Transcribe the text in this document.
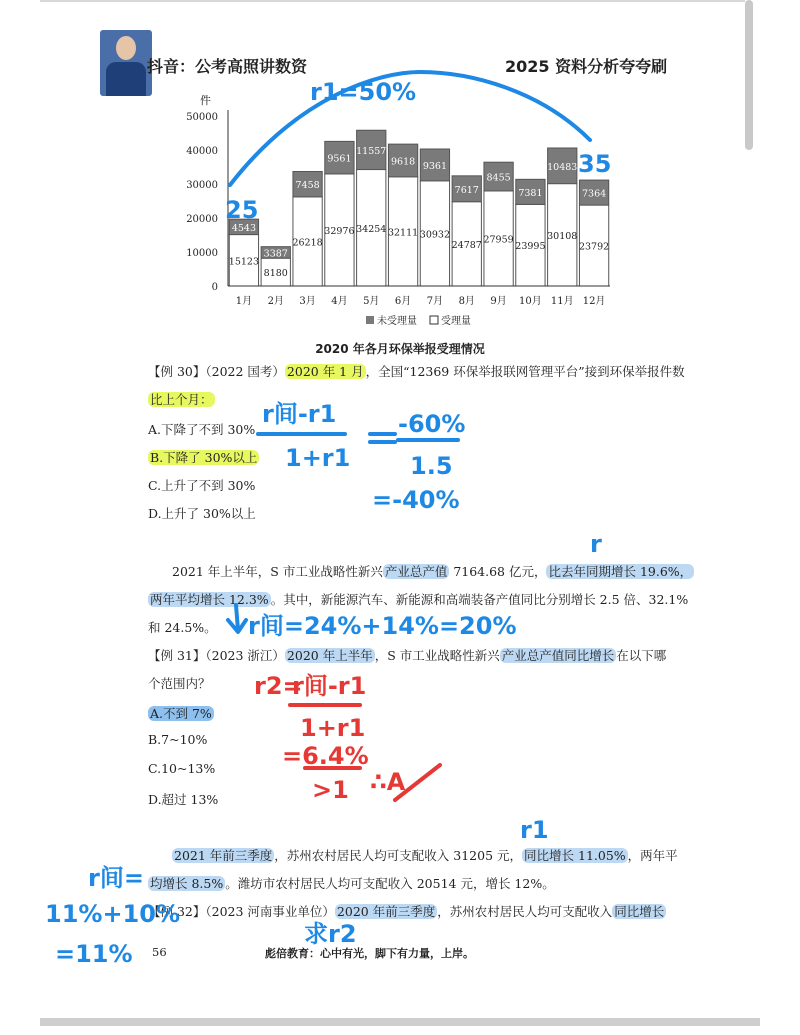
抖音：公考高照讲数资	2025 资料分析夸夸刷
15123
4543
8180
3387
26218
7458
32976
9561
34254
11557
32111
9618
30932
9361
24787
7617
27959
8455
23995
7381
30108
10483
23792
7364
件
0
10000
20000
30000
40000
50000
1月 2月 3月 4月 5月 6月 7月 8月 9月 10月 11月 12月
未受理量 受理量
2020 年各月环保举报受理情况
【例 30】（2022 国考） 2020 年 1 月 ，全国“12369 环保举报联网管理平台”接到环保举报件数
比上个月：
A.下降了不到 30%
B.下降了 30%以上
C.上升了不到 30%
D.上升了 30%以上
2021 年上半年，S 市工业战略性新兴 产业总产值 7164.68 亿元， 比去年同期增长 19.6%，
两年平均增长 12.3% 。其中，新能源汽车、新能源和高端装备产值同比分别增长 2.5 倍、32.1%
和 24.5%。
【例 31】（2023 浙江） 2020 年上半年 ，S 市工业战略性新兴 产业总产值同比增长 在以下哪
个范围内？
A.不到 7%
B.7~10%
C.10~13%
D.超过 13%
2021 年前三季度 ，苏州农村居民人均可支配收入 31205 元， 同比增长 11.05% ，两年平
均增长 8.5% 。潍坊市农村居民人均可支配收入 20514 元，增长 12%。
【例 32】（2023 河南事业单位） 2020 年前三季度 ，苏州农村居民人均可支配收入 同比增长
56	彪倍教育：心中有光，脚下有力量，上岸。
r1=50%
25
35
r间-r1
1+r1
-60%
1.5
=-40%
r
r间=24%+14%=20%
r1
r间=
11%+10%
=11%
求r2
r2=
r间-r1
1+r1
=6.4%
>1 ∴A
